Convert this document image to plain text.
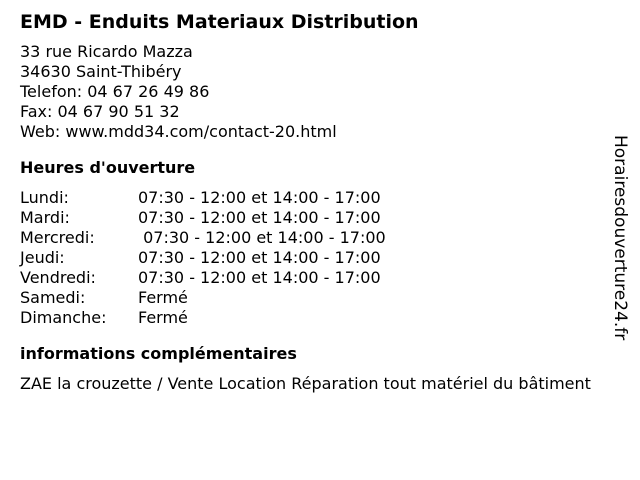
EMD - Enduits Materiaux Distribution
33 rue Ricardo Mazza
34630 Saint-Thibéry
Telefon: 04 67 26 49 86
Fax: 04 67 90 51 32
Web: www.mdd34.com/contact-20.html
Heures d'ouverture
Lundi:	07:30 - 12:00 et 14:00 - 17:00
Mardi:	07:30 - 12:00 et 14:00 - 17:00
Mercredi:	07:30 - 12:00 et 14:00 - 17:00
Jeudi:	07:30 - 12:00 et 14:00 - 17:00
Vendredi:	07:30 - 12:00 et 14:00 - 17:00
Samedi:	Fermé
Dimanche:	Fermé
informations complémentaires
ZAE la crouzette / Vente Location Réparation tout matériel du bâtiment
Horairesdouverture24.fr
